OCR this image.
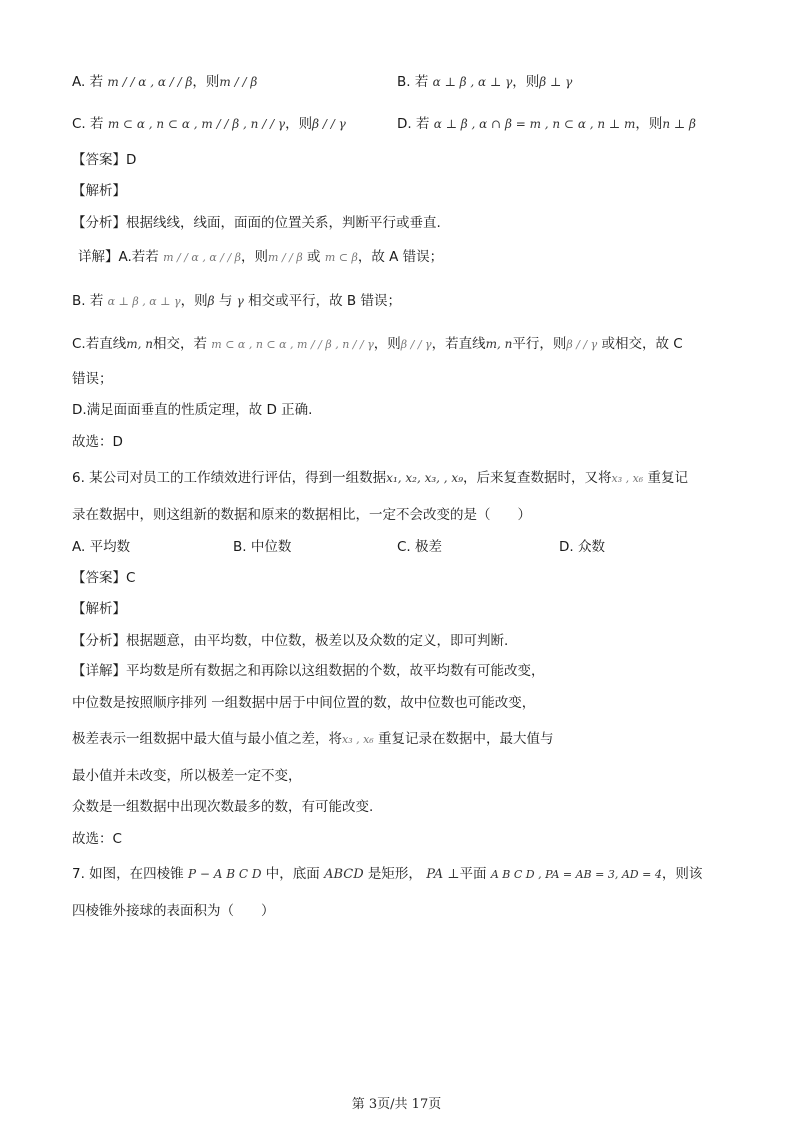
A. 若 m / / α , α / / β，则m / / β	B. 若 α ⊥ β , α ⊥ γ，则β ⊥ γ
C. 若 m ⊂ α , n ⊂ α , m / / β , n / / γ，则β / / γ	D. 若 α ⊥ β , α ∩ β = m , n ⊂ α , n ⊥ m，则n ⊥ β
【答案】D
【解析】
【分析】根据线线，线面，面面的位置关系，判断平行或垂直.
详解】A.若若 m / / α , α / / β，则m / / β 或 m ⊂ β，故 A 错误；
B. 若 α ⊥ β , α ⊥ γ，则β 与 γ 相交或平行，故 B 错误；
C.若直线m, n相交，若 m ⊂ α , n ⊂ α , m / / β , n / / γ，则β / / γ，若直线m, n平行，则β / / γ 或相交，故 C
错误；
D.满足面面垂直的性质定理，故 D 正确.
故选：D
6. 某公司对员工的工作绩效进行评估，得到一组数据x₁, x₂, x₃, , x₉，后来复查数据时，又将x₃ , x₆ 重复记
录在数据中，则这组新的数据和原来的数据相比，一定不会改变的是（　　）
A. 平均数	B. 中位数	C. 极差	D. 众数
【答案】C
【解析】
【分析】根据题意，由平均数，中位数，极差以及众数的定义，即可判断.
【详解】平均数是所有数据之和再除以这组数据的个数，故平均数有可能改变，
中位数是按照顺序排列 一组数据中居于中间位置的数，故中位数也可能改变，
极差表示一组数据中最大值与最小值之差，将x₃ , x₆ 重复记录在数据中，最大值与
最小值并未改变，所以极差一定不变，
众数是一组数据中出现次数最多的数，有可能改变.
故选：C
7. 如图，在四棱锥 P − A B C D 中，底面 ABCD 是矩形， PA ⊥平面 A B C D , PA = AB = 3, AD = 4，则该
四棱锥外接球的表面积为（　　）
第 3页/共 17页
